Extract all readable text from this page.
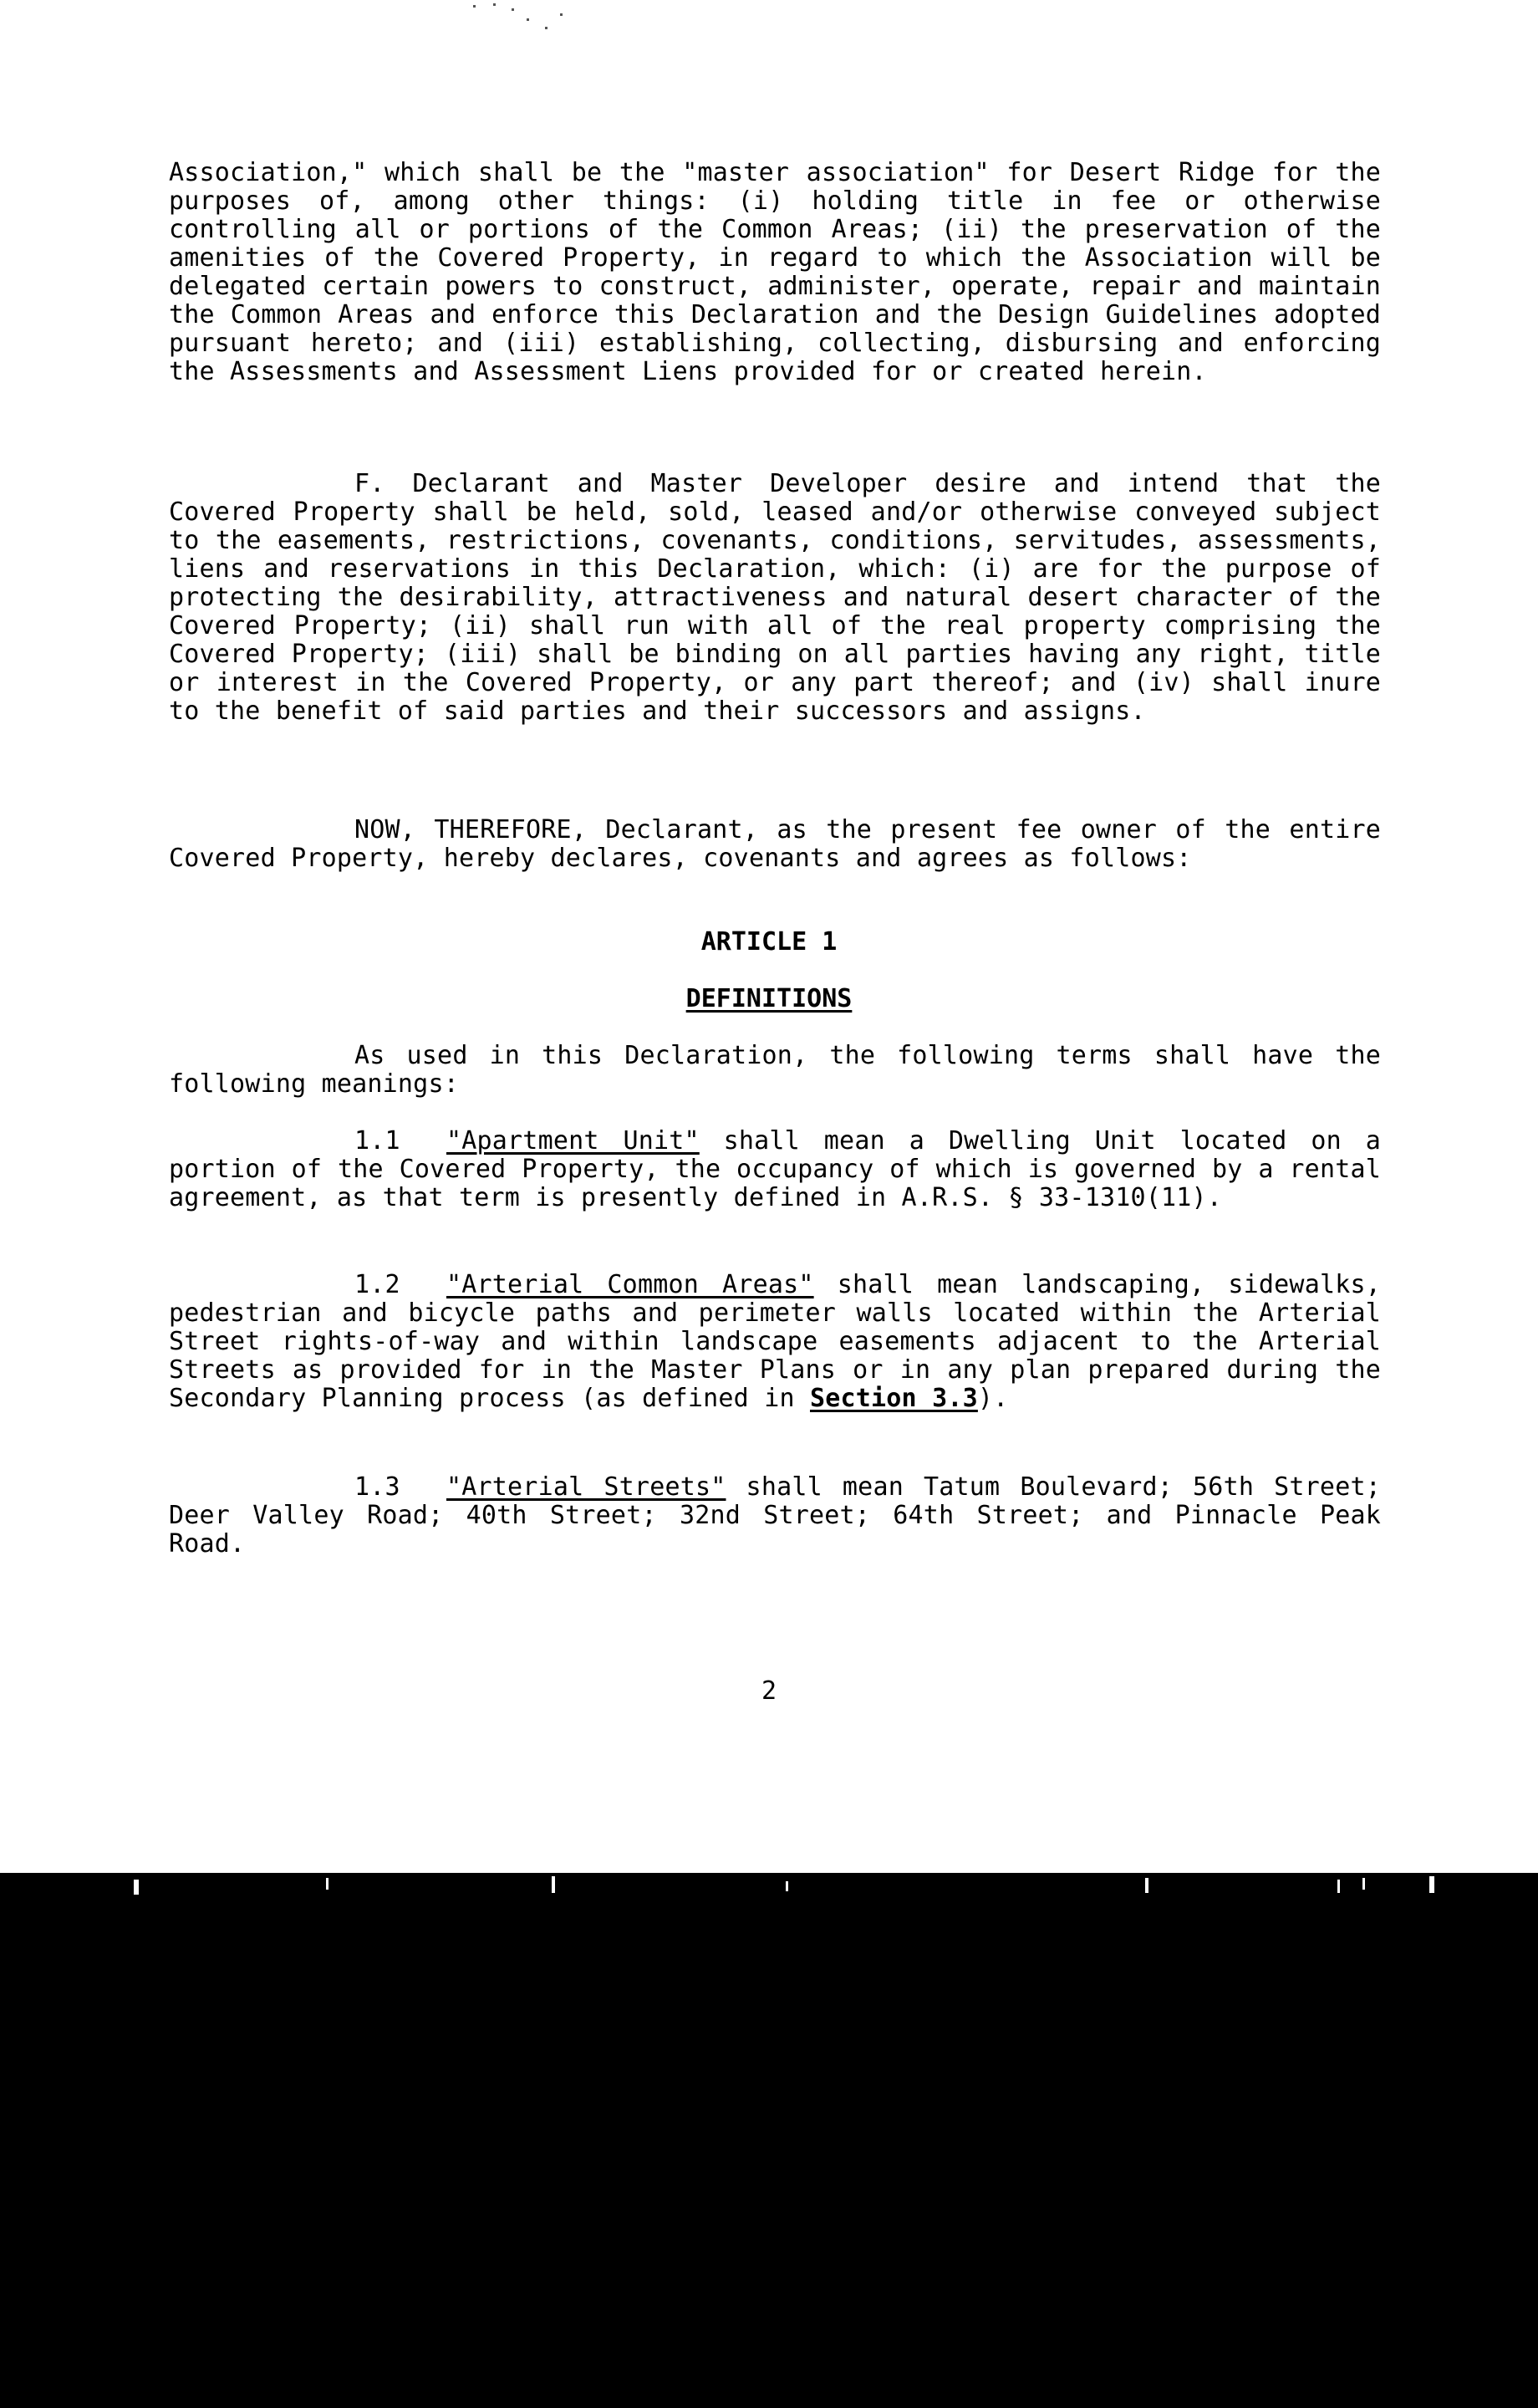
Association," which shall be the "master association" for Desert Ridge for the purposes of, among other things: (i) holding title in fee or otherwise controlling all or portions of the Common Areas; (ii) the preservation of the amenities of the Covered Property, in regard to which the Association will be delegated certain powers to construct, administer, operate, repair and maintain the Common Areas and enforce this Declaration and the Design Guidelines adopted pursuant hereto; and (iii) establishing, collecting, disbursing and enforcing the Assessments and Assessment Liens provided for or created herein.

F. Declarant and Master Developer desire and intend that the Covered Property shall be held, sold, leased and/or otherwise conveyed subject to the easements, restrictions, covenants, conditions, servitudes, assessments, liens and reservations in this Declaration, which: (i) are for the purpose of protecting the desirability, attractiveness and natural desert character of the Covered Property; (ii) shall run with all of the real property comprising the Covered Property; (iii) shall be binding on all parties having any right, title or interest in the Covered Property, or any part thereof; and (iv) shall inure to the benefit of said parties and their successors and assigns.

NOW, THEREFORE, Declarant, as the present fee owner of the entire Covered Property, hereby declares, covenants and agrees as follows:

ARTICLE 1
DEFINITIONS

As used in this Declaration, the following terms shall have the following meanings:

1.1 "Apartment Unit" shall mean a Dwelling Unit located on a portion of the Covered Property, the occupancy of which is governed by a rental agreement, as that term is presently defined in A.R.S. § 33-1310(11).

1.2 "Arterial Common Areas" shall mean landscaping, sidewalks, pedestrian and bicycle paths and perimeter walls located within the Arterial Street rights-of-way and within landscape easements adjacent to the Arterial Streets as provided for in the Master Plans or in any plan prepared during the Secondary Planning process (as defined in Section 3.3).

1.3 "Arterial Streets" shall mean Tatum Boulevard; 56th Street; Deer Valley Road; 40th Street; 32nd Street; 64th Street; and Pinnacle Peak Road.

2
